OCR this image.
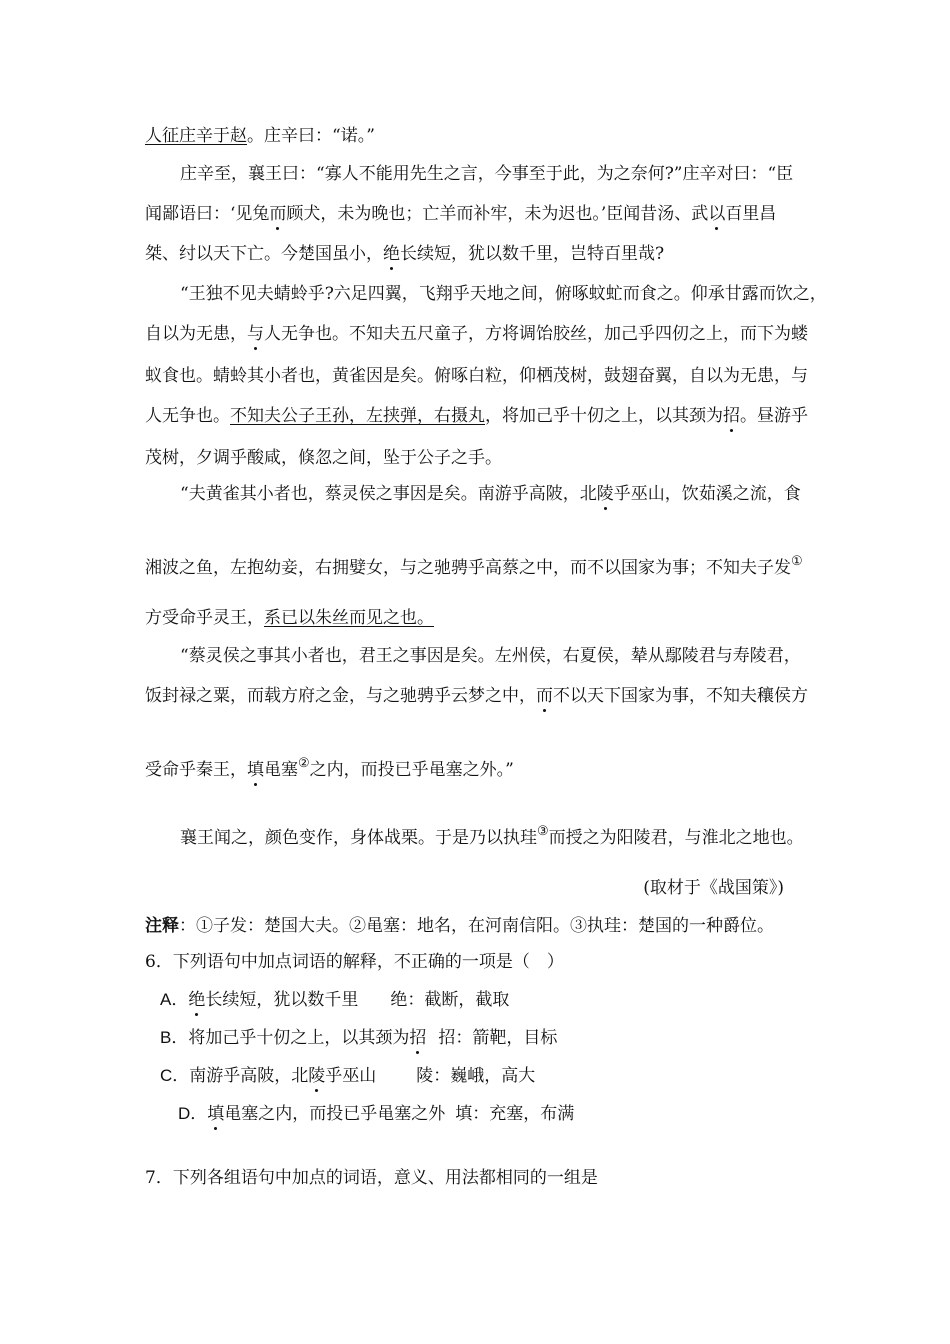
人征庄辛于赵。庄辛曰：“诺。”
庄辛至，襄王曰：“寡人不能用先生之言，今事至于此，为之奈何?”庄辛对曰：“臣
闻鄙语曰：‘见兔而顾犬，未为晚也；亡羊而补牢，未为迟也。’臣闻昔汤、武以百里昌
桀、纣以天下亡。今楚国虽小，绝长续短，犹以数千里，岂特百里哉?
“王独不见夫蜻蛉乎?六足四翼，飞翔乎天地之间，俯啄蚊虻而食之。仰承甘露而饮之，
自以为无患，与人无争也。不知夫五尺童子，方将调饴胶丝，加己乎四仞之上，而下为蝼
蚁食也。蜻蛉其小者也，黄雀因是矣。俯啄白粒，仰栖茂树，鼓翅奋翼，自以为无患，与
人无争也。不知夫公子王孙，左挟弹，右摄丸，将加己乎十仞之上，以其颈为招。昼游乎
茂树，夕调乎酸咸，倏忽之间，坠于公子之手。
“夫黄雀其小者也，蔡灵侯之事因是矣。南游乎高陂，北陵乎巫山，饮茹溪之流，食
湘波之鱼，左抱幼妾，右拥嬖女，与之驰骋乎高蔡之中，而不以国家为事；不知夫子发①
方受命乎灵王，系已以朱丝而见之也。
“蔡灵侯之事其小者也，君王之事因是矣。左州侯，右夏侯，辇从鄢陵君与寿陵君，
饭封禄之粟，而载方府之金，与之驰骋乎云梦之中，而不以天下国家为事，不知夫穰侯方
受命乎秦王，填黾塞②之内，而投已乎黾塞之外。”
襄王闻之，颜色变作，身体战栗。于是乃以执珪③而授之为阳陵君，与淮北之地也。
(取材于《战国策》)
注释：①子发：楚国大夫。②黾塞：地名，在河南信阳。③执珪：楚国的一种爵位。
6．下列语句中加点词语的解释，不正确的一项是（　）
A．绝长续短，犹以数千里 绝：截断，截取
B．将加己乎十仞之上，以其颈为招 招：箭靶，目标
C．南游乎高陂，北陵乎巫山 陵：巍峨，高大
D．填黾塞之内，而投已乎黾塞之外 填：充塞，布满
7．下列各组语句中加点的词语，意义、用法都相同的一组是
